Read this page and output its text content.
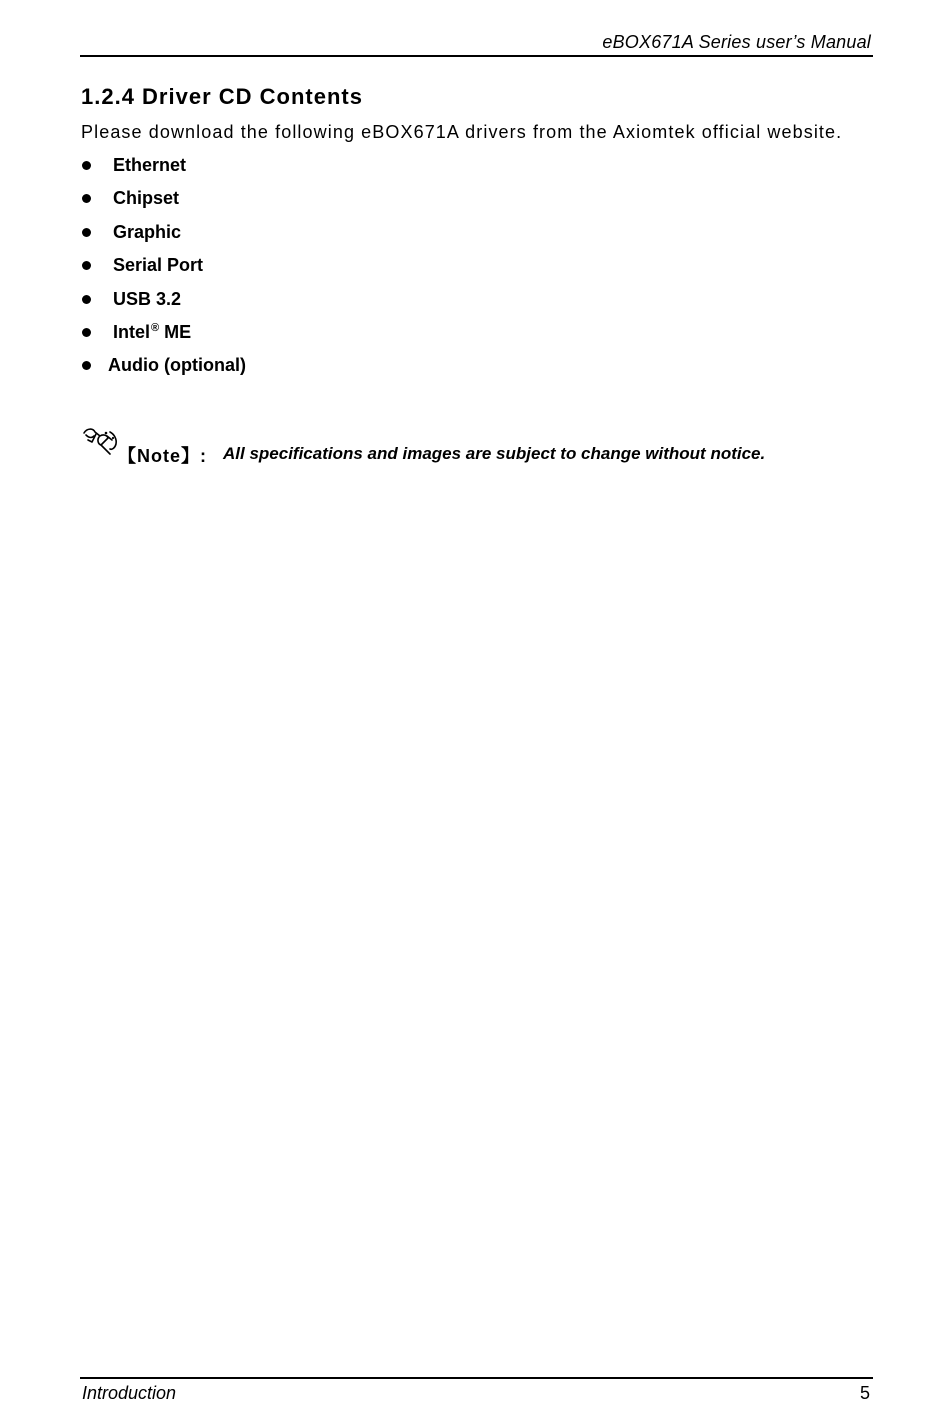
eBOX671A Series user’s Manual
1.2.4 Driver CD Contents

Please download the following eBOX671A drivers from the Axiomtek official website.

Ethernet
Chipset
Graphic
Serial Port
USB 3.2
Intel® ME
Audio (optional)
【Note】: All specifications and images are subject to change without notice.
Introduction	5
